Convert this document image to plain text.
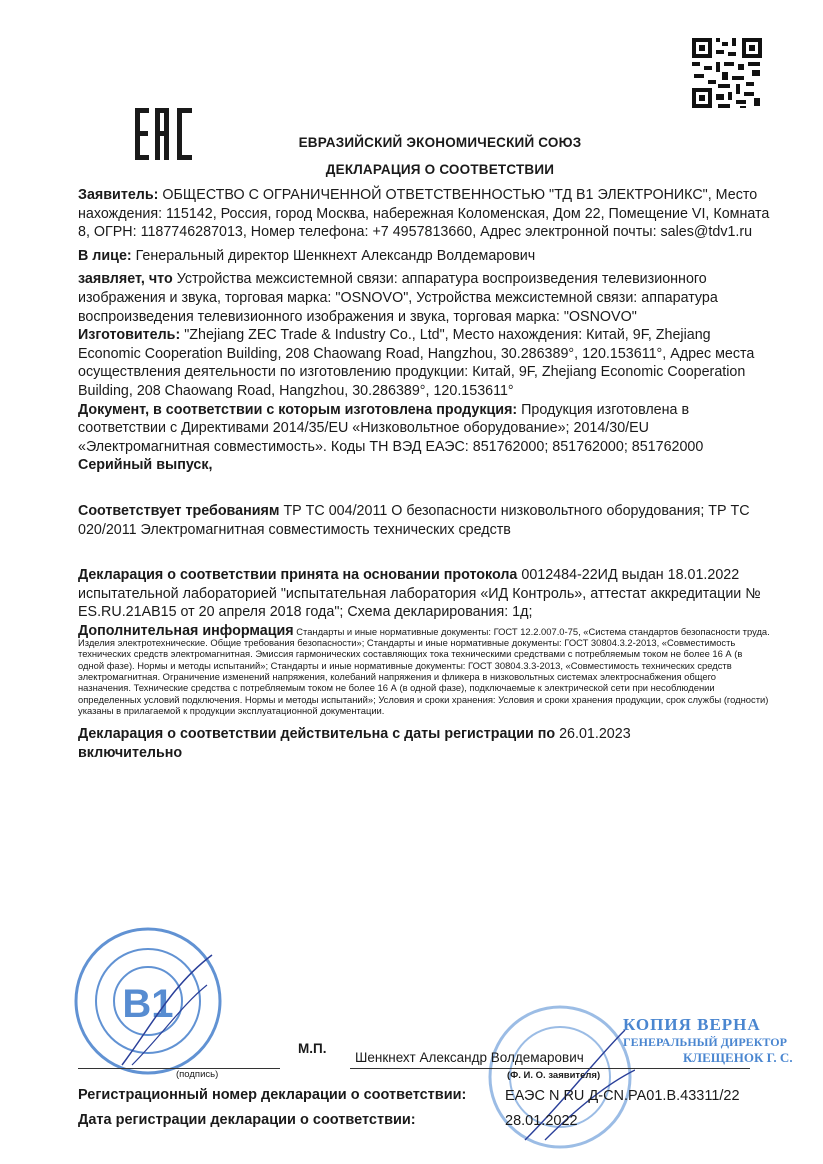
ЕВРАЗИЙСКИЙ ЭКОНОМИЧЕСКИЙ СОЮЗ
ДЕКЛАРАЦИЯ О СООТВЕТСТВИИ

Заявитель: ОБЩЕСТВО С ОГРАНИЧЕННОЙ ОТВЕТСТВЕННОСТЬЮ "ТД В1 ЭЛЕКТРОНИКС", Место нахождения: 115142, Россия, город Москва, набережная Коломенская, Дом 22, Помещение VI, Комната 8, ОГРН: 1187746287013, Номер телефона: +7 4957813660, Адрес электронной почты: sales@tdv1.ru

В лице: Генеральный директор Шенкнехт Александр Волдемарович

заявляет, что Устройства межсистемной связи: аппаратура воспроизведения телевизионного изображения и звука, торговая марка: "OSNOVO", Устройства межсистемной связи: аппаратура воспроизведения телевизионного изображения и звука, торговая марка: "OSNOVO"

Изготовитель: "Zhejiang ZEC Trade & Industry Co., Ltd", Место нахождения: Китай, 9F, Zhejiang Economic Cooperation Building, 208 Chaowang Road, Hangzhou, 30.286389°, 120.153611°, Адрес места осуществления деятельности по изготовлению продукции: Китай, 9F, Zhejiang Economic Cooperation Building, 208 Chaowang Road, Hangzhou, 30.286389°, 120.153611°

Документ, в соответствии с которым изготовлена продукция: Продукция изготовлена в соответствии с Директивами 2014/35/EU «Низковольтное оборудование»; 2014/30/EU «Электромагнитная совместимость». Коды ТН ВЭД ЕАЭС: 851762000; 851762000; 851762000

Серийный выпуск,

Соответствует требованиям ТР ТС 004/2011 О безопасности низковольтного оборудования; ТР ТС 020/2011 Электромагнитная совместимость технических средств

Декларация о соответствии принята на основании протокола 0012484-22ИД выдан 18.01.2022 испытательной лабораторией "испытательная лаборатория «ИД Контроль», аттестат аккредитации № ES.RU.21АВ15 от 20 апреля 2018 года"; Схема декларирования: 1д;

Дополнительная информация Стандарты и иные нормативные документы: ГОСТ 12.2.007.0-75, «Система стандартов безопасности труда. Изделия электротехнические. Общие требования безопасности»; Стандарты и иные нормативные документы: ГОСТ 30804.3.2-2013, «Совместимость технических средств электромагнитная. Эмиссия гармонических составляющих тока техническими средствами с потребляемым током не более 16 А (в одной фазе). Нормы и методы испытаний»; Стандарты и иные нормативные документы: ГОСТ 30804.3.3-2013, «Совместимость технических средств электромагнитная. Ограничение изменений напряжения, колебаний напряжения и фликера в низковольтных системах электроснабжения общего назначения. Технические средства с потребляемым током не более 16 А (в одной фазе), подключаемые к электрической сети при несоблюдении определенных условий подключения. Нормы и методы испытаний»; Условия и сроки хранения: Условия и сроки хранения продукции, срок службы (годности) указаны в прилагаемой к продукции эксплуатационной документации.

Декларация о соответствии действительна с даты регистрации по 26.01.2023
включительно

B1	КОПИЯ ВЕРНА
ГЕНЕРАЛЬНЫЙ ДИРЕКТОР
КЛЕЩЕНОК Г. С.
(подпись)
М.П.
Шенкнехт Александр Волдемарович
(Ф. И. О. заявителя)
Регистрационный номер декларации о соответствии:	ЕАЭС N RU Д-CN.PA01.B.43311/22
Дата регистрации декларации о соответствии:	28.01.2022
